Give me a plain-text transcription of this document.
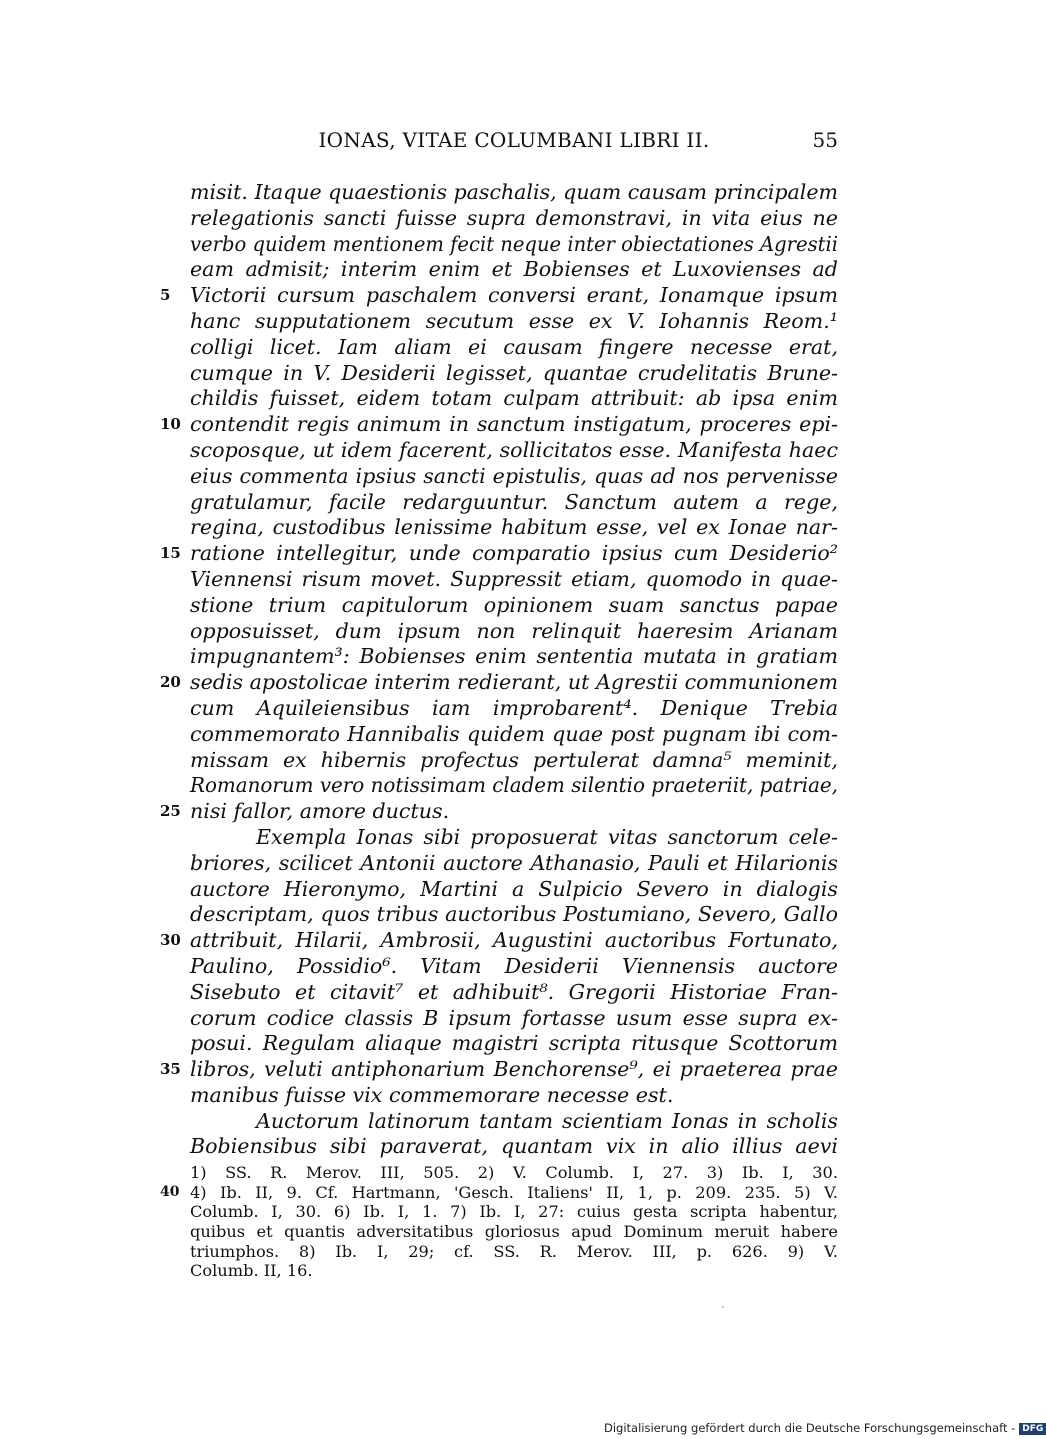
IONAS, VITAE COLUMBANI LIBRI II.	55
misit. Itaque quaestionis paschalis, quam causam principalem
relegationis sancti fuisse supra demonstravi, in vita eius ne
verbo quidem mentionem fecit neque inter obiectationes Agrestii
eam admisit; interim enim et Bobienses et Luxovienses ad
5 Victorii cursum paschalem conversi erant, Ionamque ipsum
hanc supputationem secutum esse ex V. Iohannis Reom.¹
colligi licet. Iam aliam ei causam fingere necesse erat,
cumque in V. Desiderii legisset, quantae crudelitatis Brune-
childis fuisset, eidem totam culpam attribuit: ab ipsa enim
10 contendit regis animum in sanctum instigatum, proceres epi-
scoposque, ut idem facerent, sollicitatos esse. Manifesta haec
eius commenta ipsius sancti epistulis, quas ad nos pervenisse
gratulamur, facile redarguuntur. Sanctum autem a rege,
regina, custodibus lenissime habitum esse, vel ex Ionae nar-
15 ratione intellegitur, unde comparatio ipsius cum Desiderio²
Viennensi risum movet. Suppressit etiam, quomodo in quae-
stione trium capitulorum opinionem suam sanctus papae
opposuisset, dum ipsum non relinquit haeresim Arianam
impugnantem³: Bobienses enim sententia mutata in gratiam
20 sedis apostolicae interim redierant, ut Agrestii communionem
cum Aquileiensibus iam improbarent⁴. Denique Trebia
commemorato Hannibalis quidem quae post pugnam ibi com-
missam ex hibernis profectus pertulerat damna⁵ meminit,
Romanorum vero notissimam cladem silentio praeteriit, patriae,
25 nisi fallor, amore ductus.
Exempla Ionas sibi proposuerat vitas sanctorum cele-
briores, scilicet Antonii auctore Athanasio, Pauli et Hilarionis
auctore Hieronymo, Martini a Sulpicio Severo in dialogis
descriptam, quos tribus auctoribus Postumiano, Severo, Gallo
30 attribuit, Hilarii, Ambrosii, Augustini auctoribus Fortunato,
Paulino, Possidio⁶. Vitam Desiderii Viennensis auctore
Sisebuto et citavit⁷ et adhibuit⁸. Gregorii Historiae Fran-
corum codice classis B ipsum fortasse usum esse supra ex-
posui. Regulam aliaque magistri scripta ritusque Scottorum
35 libros, veluti antiphonarium Benchorense⁹, ei praeterea prae
manibus fuisse vix commemorare necesse est.
Auctorum latinorum tantam scientiam Ionas in scholis
Bobiensibus sibi paraverat, quantam vix in alio illius aevi
1) SS. R. Merov. III, 505. 2) V. Columb. I, 27. 3) Ib. I, 30.
40 4) Ib. II, 9. Cf. Hartmann, 'Gesch. Italiens' II, 1, p. 209. 235. 5) V.
Columb. I, 30. 6) Ib. I, 1. 7) Ib. I, 27: cuius gesta scripta habentur,
quibus et quantis adversitatibus gloriosus apud Dominum meruit habere
triumphos. 8) Ib. I, 29; cf. SS. R. Merov. III, p. 626. 9) V.
Columb. II, 16.
Digitalisierung gefördert durch die Deutsche Forschungsgemeinschaft - DFG
